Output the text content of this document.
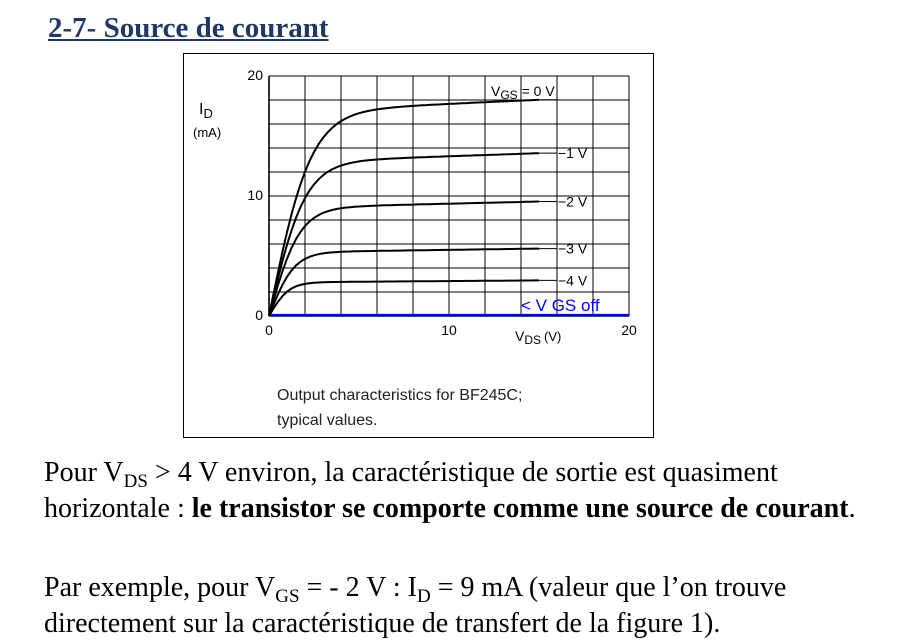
2-7- Source de courant
0
10
20
0	10	20
< V GS off
VGS = 0 V
−1 V
−2 V
−3 V
−4 V
$I_D$
(mA)
VDS (V)
Output characteristics for BF245C;
typical values.

Pour $V_{DS} > 4$ V environ, la caractéristique de sortie est quasiment horizontale : le transistor se comporte comme une source de courant.

Par exemple, pour $V_{GS}$ = - 2 V : $I_D = 9$ mA (valeur que l’on trouve directement sur la caractéristique de transfert de la figure 1).
